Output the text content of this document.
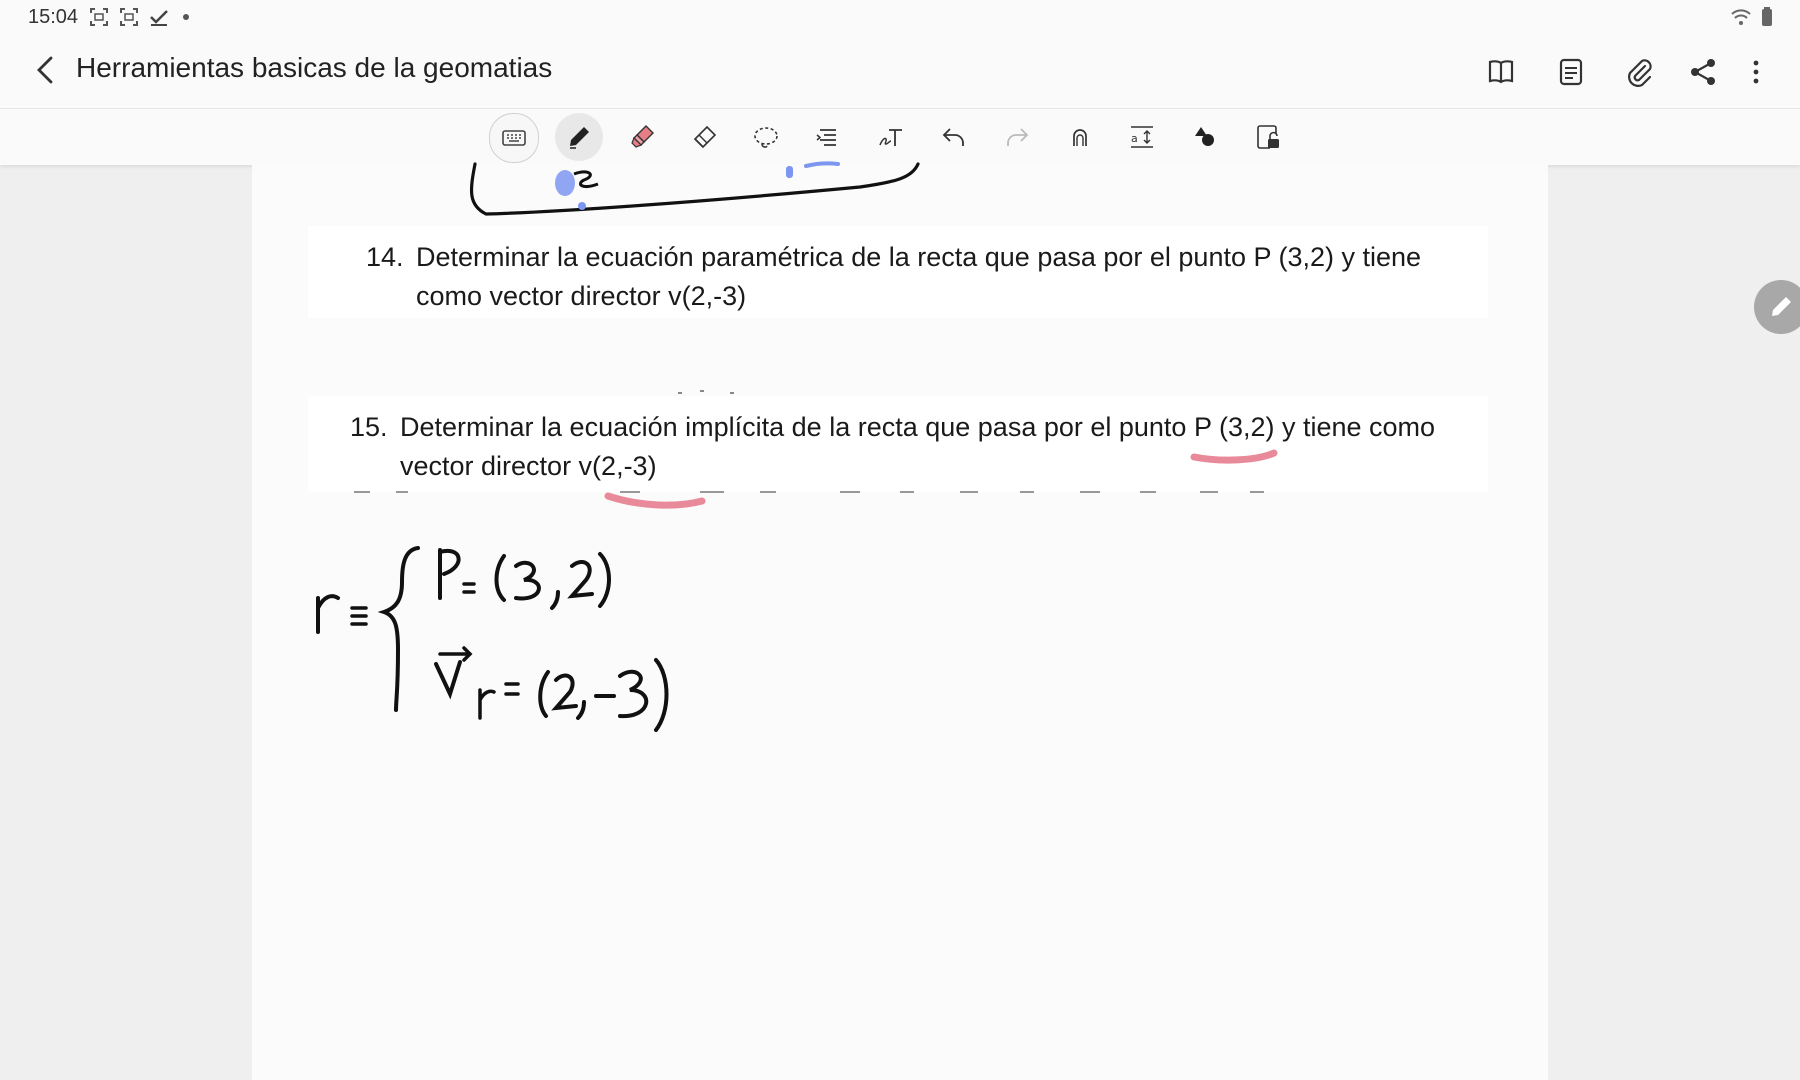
15:04
Herramientas basicas de la geomatias
a
14. Determinar la ecuación paramétrica de la recta que pasa por el punto P (3,2) y tiene como vector director v(2,-3)
15. Determinar la ecuación implícita de la recta que pasa por el punto P (3,2) y tiene como vector director v(2,-3)
